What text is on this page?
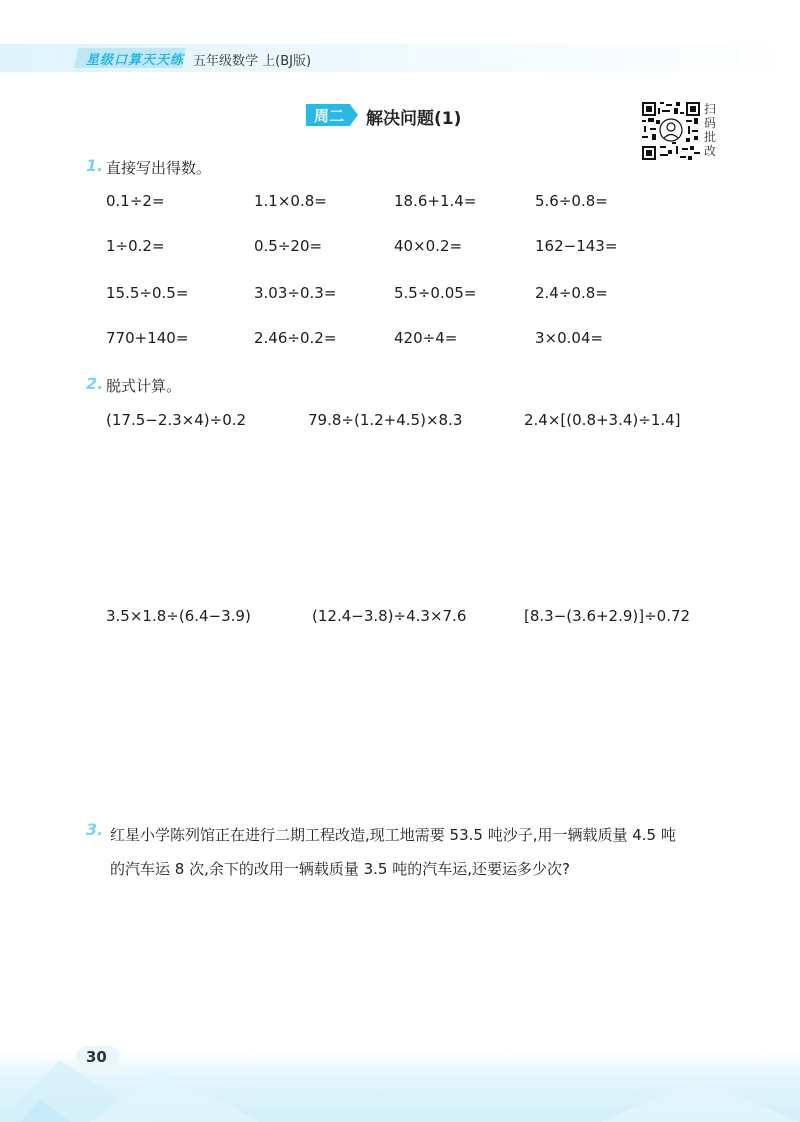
星级口算天天练 五年级数学 上(BJ版)
周二	解决问题(1)	扫
码
批
改
1. 直接写出得数。
0.1÷2=	1.1×0.8=	18.6+1.4=	5.6÷0.8=
1÷0.2=	0.5÷20=	40×0.2=	162−143=
15.5÷0.5=	3.03÷0.3=	5.5÷0.05=	2.4÷0.8=
770+140=	2.46÷0.2=	420÷4=	3×0.04=
2. 脱式计算。
(17.5−2.3×4)÷0.2	79.8÷(1.2+4.5)×8.3	2.4×[(0.8+3.4)÷1.4]
3.5×1.8÷(6.4−3.9)	(12.4−3.8)÷4.3×7.6	[8.3−(3.6+2.9)]÷0.72
3. 红星小学陈列馆正在进行二期工程改造,现工地需要 53.5 吨沙子,用一辆载质量 4.5 吨
的汽车运 8 次,余下的改用一辆载质量 3.5 吨的汽车运,还要运多少次?
30
